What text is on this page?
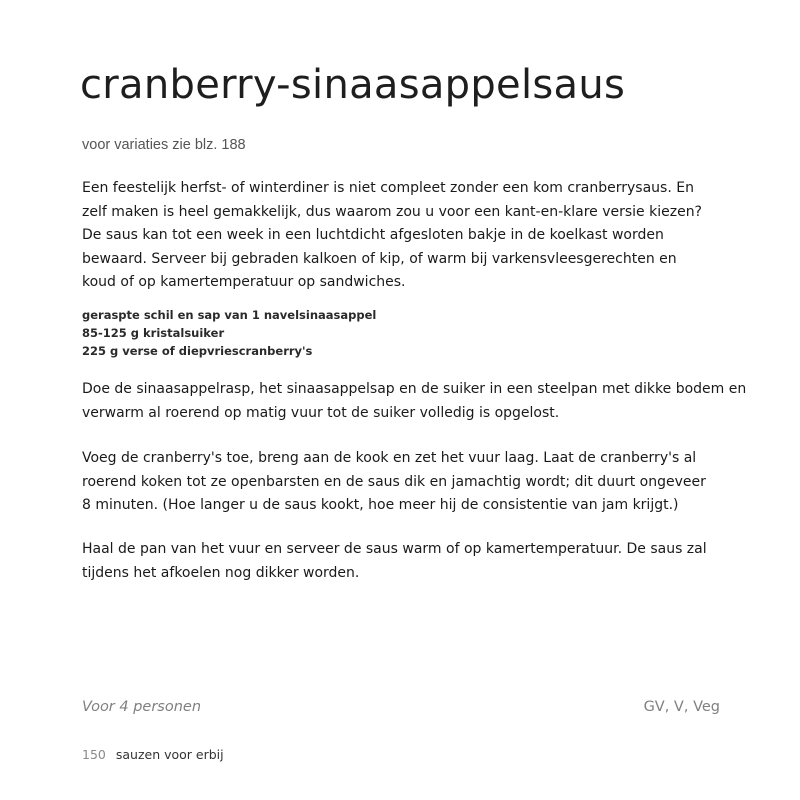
cranberry-sinaasappelsaus
voor variaties zie blz. 188

Een feestelijk herfst- of winterdiner is niet compleet zonder een kom cranberrysaus. En
zelf maken is heel gemakkelijk, dus waarom zou u voor een kant-en-klare versie kiezen?
De saus kan tot een week in een luchtdicht afgesloten bakje in de koelkast worden
bewaard. Serveer bij gebraden kalkoen of kip, of warm bij varkensvleesgerechten en
koud of op kamertemperatuur op sandwiches.

geraspte schil en sap van 1 navelsinaasappel
85-125 g kristalsuiker
225 g verse of diepvriescranberry's

Doe de sinaasappelrasp, het sinaasappelsap en de suiker in een steelpan met dikke bodem en
verwarm al roerend op matig vuur tot de suiker volledig is opgelost.

Voeg de cranberry's toe, breng aan de kook en zet het vuur laag. Laat de cranberry's al
roerend koken tot ze openbarsten en de saus dik en jamachtig wordt; dit duurt ongeveer
8 minuten. (Hoe langer u de saus kookt, hoe meer hij de consistentie van jam krijgt.)

Haal de pan van het vuur en serveer de saus warm of op kamertemperatuur. De saus zal
tijdens het afkoelen nog dikker worden.

Voor 4 personen	GV, V, Veg
150 sauzen voor erbij
